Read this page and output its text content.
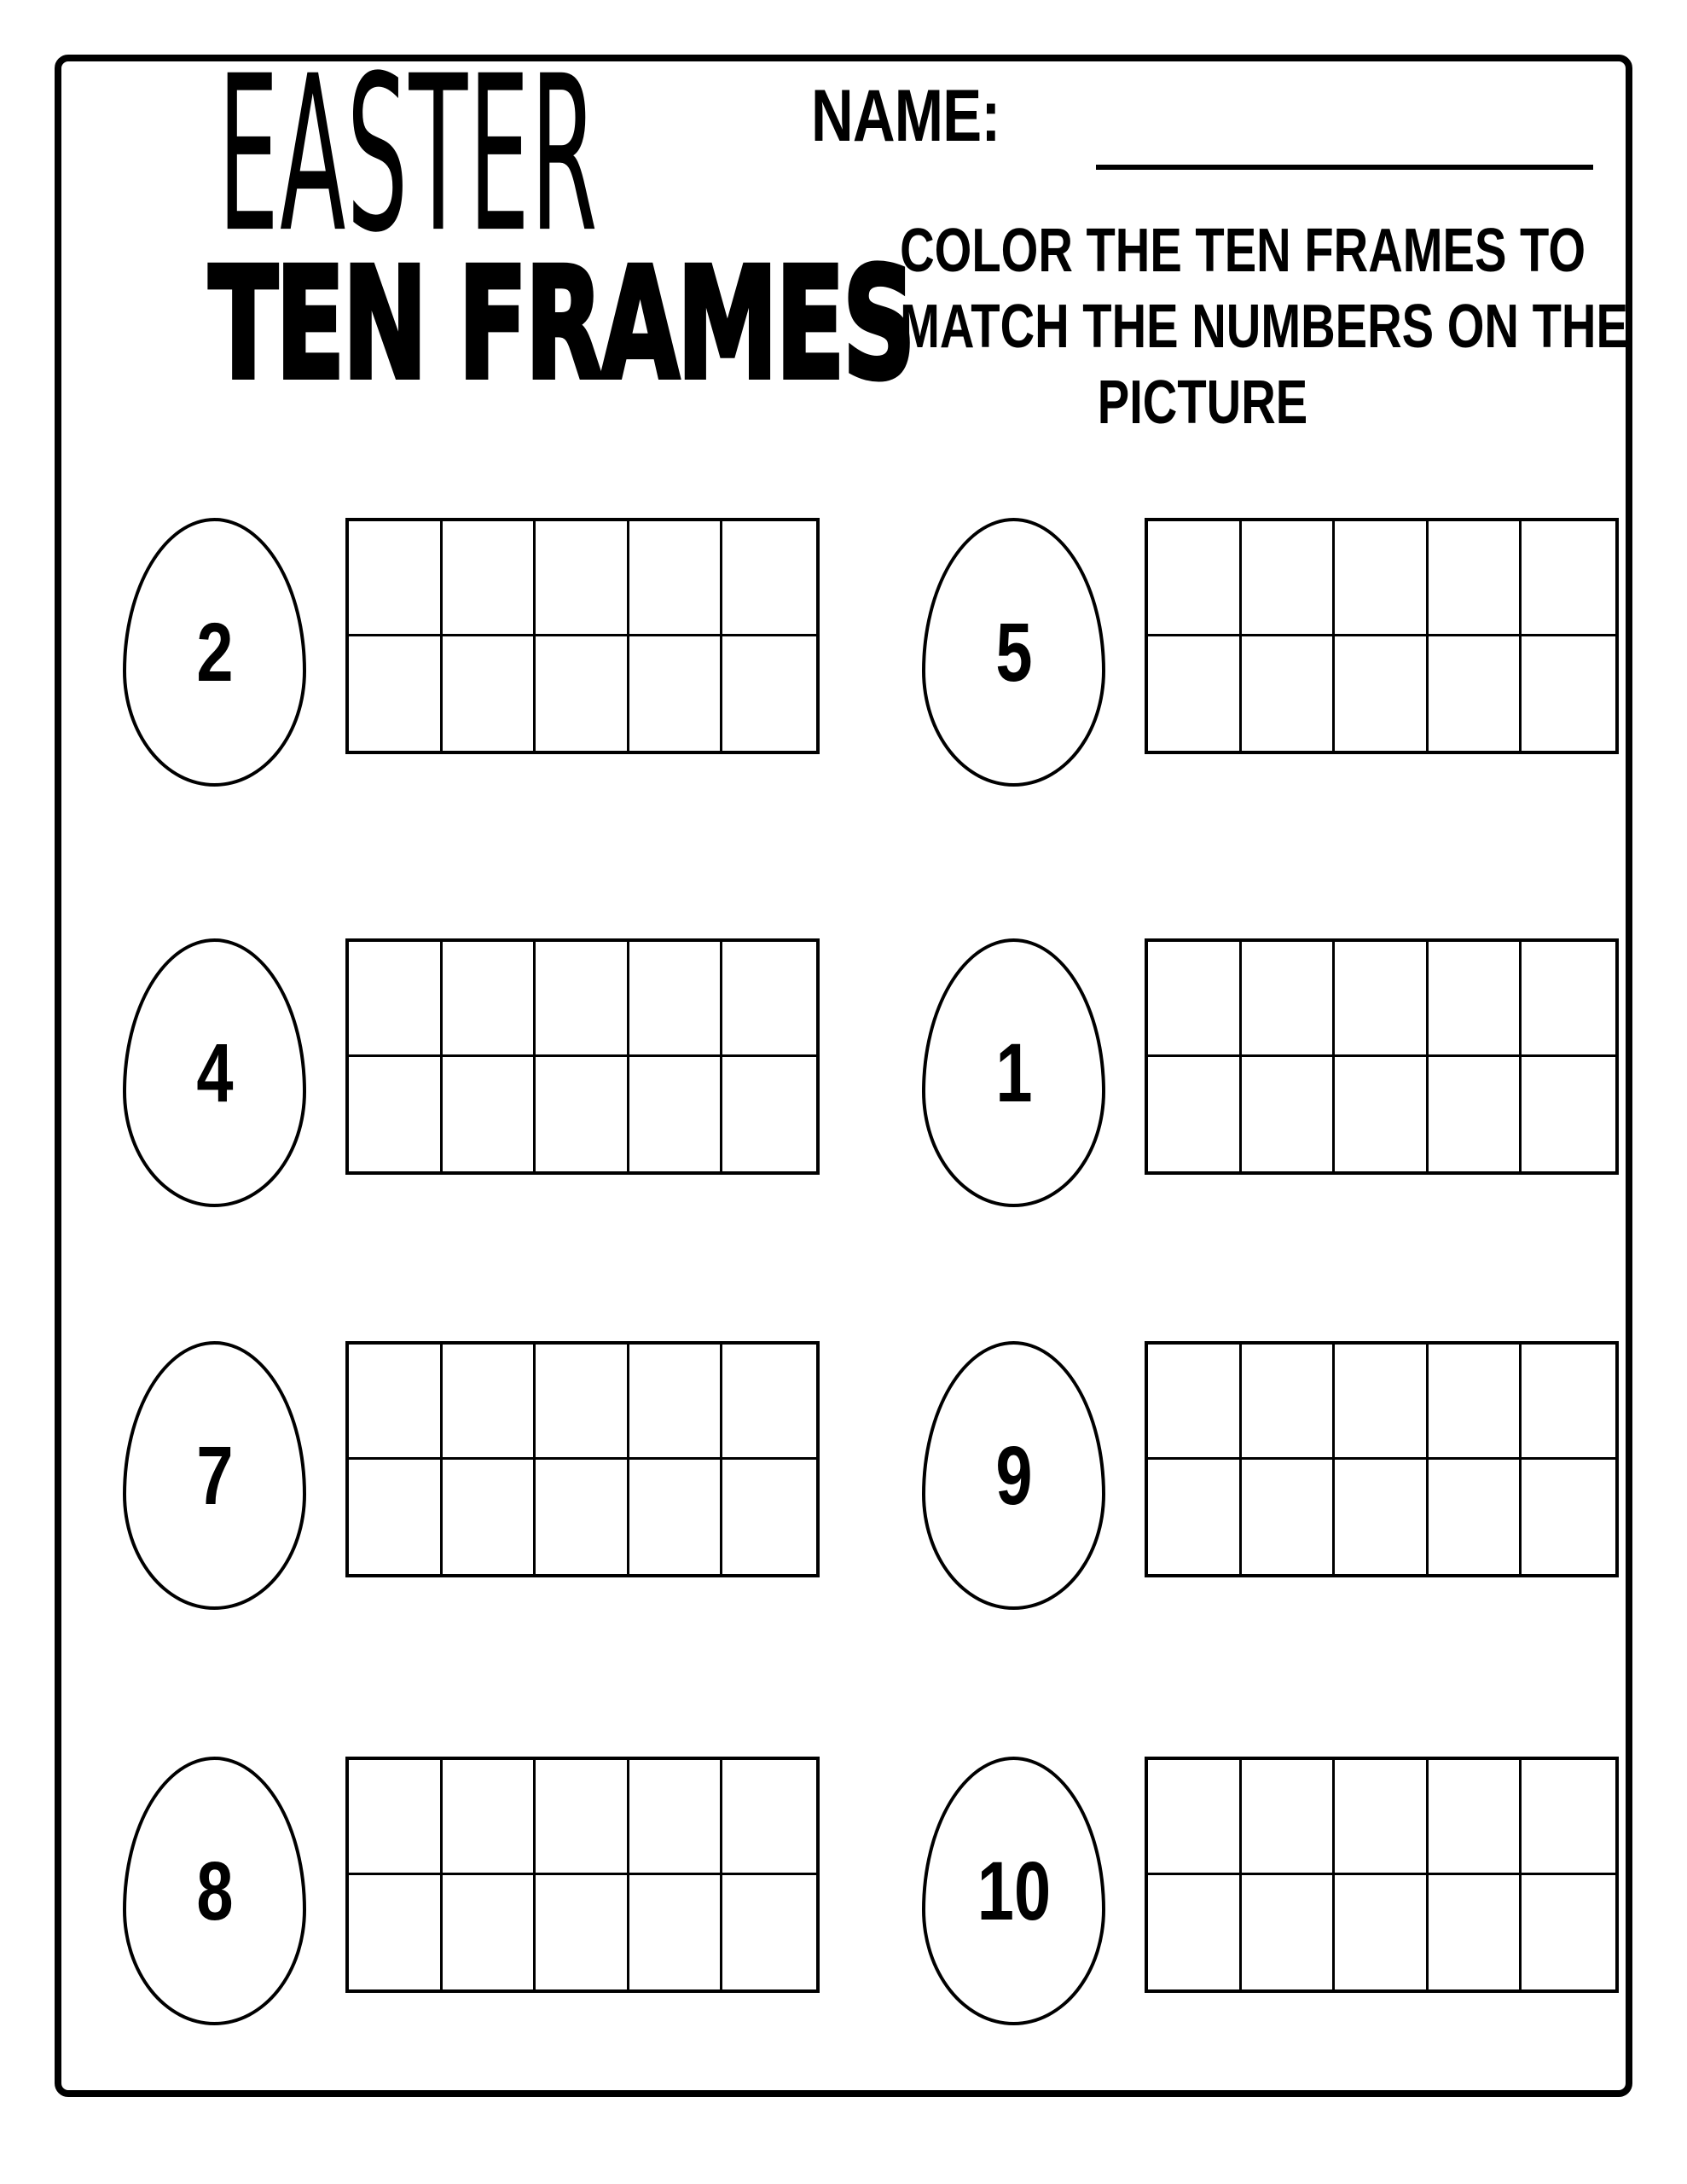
EASTER
TEN FRAMES
NAME:
COLOR THE TEN FRAMES TO
MATCH THE NUMBERS ON THE
PICTURE
2	5
4	1
7	9
8	10
